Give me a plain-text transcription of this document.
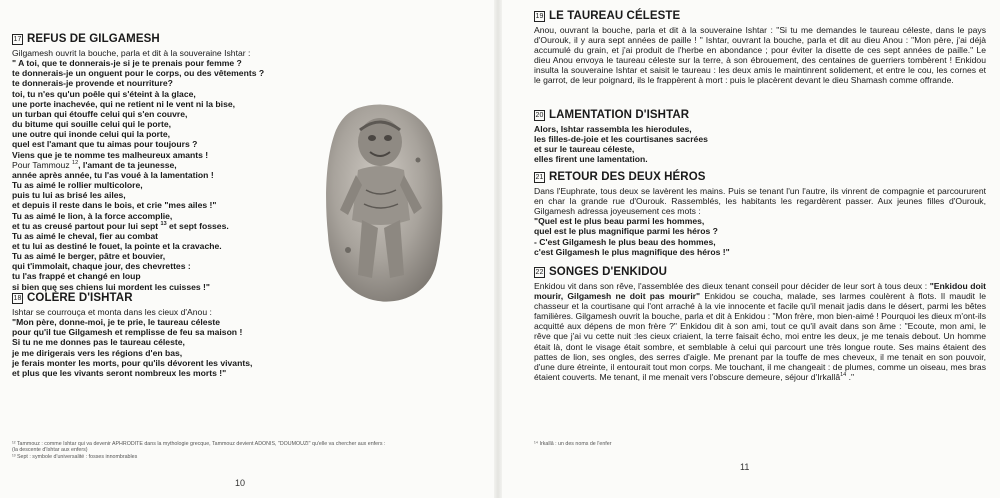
17 REFUS DE GILGAMESH
Gilgamesh ouvrit la bouche, parla et dit à la souveraine Ishtar :
" A toi, que te donnerais-je si je te prenais pour femme ?
te donnerais-je un onguent pour le corps, ou des vêtements ?
te donnerais-je provende et nourriture?
toi, tu n'es qu'un poêle qui s'éteint à la glace,
une porte inachevée, qui ne retient ni le vent ni la bise,
un turban qui étouffe celui qui s'en couvre,
du bitume qui souille celui qui le porte,
une outre qui inonde celui qui la porte,
quel est l'amant que tu aimas pour toujours ?
Viens que je te nomme tes malheureux amants !
Pour Tammouz $^{12}$, l'amant de ta jeunesse,
année après année, tu l'as voué à la lamentation !
Tu as aimé le rollier multicolore,
puis tu lui as brisé les ailes,
et depuis il reste dans le bois, et crie "mes ailes !"
Tu as aimé le lion, à la force accomplie,
et tu as creusé partout pour lui sept $^{13}$ et sept fosses.
Tu as aimé le cheval, fier au combat
et tu lui as destiné le fouet, la pointe et la cravache.
Tu as aimé le berger, pâtre et bouvier,
qui t'immolait, chaque jour, des chevrettes :
tu l'as frappé et changé en loup
si bien que ses chiens lui mordent les cuisses !"
18 COLÈRE D'ISHTAR
Ishtar se courrouça et monta dans les cieux d'Anou :
"Mon père, donne-moi, je te prie, le taureau céleste
pour qu'il tue Gilgamesh et remplisse de feu sa maison !
Si tu ne me donnes pas le taureau céleste,
je me dirigerais vers les régions d'en bas,
je ferais monter les morts, pour qu'ils dévorent les vivants,
et plus que les vivants seront nombreux les morts !"
¹² Tammouz : comme Ishtar qui va devenir APHRODITE dans la mythologie grecque, Tammouz devient ADONIS, "DOUMOUZI" qu'elle va chercher aux enfers :
(la descente d'Ishtar aux enfers)
¹³ Sept : symbole d'universalité : fosses innombrables
10
19 LE TAUREAU CÉLESTE
Anou, ouvrant la bouche, parla et dit à la souveraine Ishtar : "Si tu me demandes le taureau céleste, dans le pays d'Ourouk, il y aura sept années de paille ! " Ishtar, ouvrant la bouche, parla et dit au dieu Anou : "Mon père, j'ai déjà accumulé du grain, et j'ai produit de l'herbe en abondance ; pour éviter la disette de ces sept années de paille." Le dieu Anou envoya le taureau céleste sur la terre, à son ébrouement, des centaines de guerriers tombèrent ! Enkidou insulta la souveraine Ishtar et saisit le taureau : les deux amis le maintinrent solidement, et entre le cou, les cornes et le garrot, de leur poignard, ils le frappèrent à mort : puis le placèrent devant le dieu Shamash comme offrande.
20 LAMENTATION D'ISHTAR
Alors, Ishtar rassembla les hierodules,
les filles-de-joie et les courtisanes sacrées
et sur le taureau céleste,
elles firent une lamentation.
21 RETOUR DES DEUX HÉROS
Dans l'Euphrate, tous deux se lavèrent les mains. Puis se tenant l'un l'autre, ils vinrent de compagnie et parcoururent en char la grande rue d'Ourouk. Rassemblés, les habitants les regardèrent passer. Aux jeunes filles d'Ourouk, Gilgamesh adressa joyeusement ces mots :
"Quel est le plus beau parmi les hommes,
quel est le plus magnifique parmi les héros ?
- C'est Gilgamesh le plus beau des hommes,
c'est Gilgamesh le plus magnifique des héros !"
22 SONGES D'ENKIDOU
Enkidou vit dans son rêve, l'assemblée des dieux tenant conseil pour décider de leur sort à tous deux : "Enkidou doit mourir, Gilgamesh ne doit pas mourir" Enkidou se coucha, malade, ses larmes coulèrent à flots. Il maudit le chasseur et la courtisane qui l'ont arraché à la vie innocente et facile qu'il menait jadis dans le désert, parmi les bêtes familières. Gilgamesh ouvrit la bouche, parla et dit à Enkidou : "Mon frère, mon bien-aimé ! Pourquoi les dieux m'ont-ils acquitté aux dépens de mon frère ?" Enkidou dit à son ami, tout ce qu'il avait dans son âme : "Ecoute, mon ami, le rêve que j'ai vu cette nuit :les cieux criaient, la terre faisait écho, moi entre les deux, je me tenais debout. Un homme était là, dont le visage était sombre, et semblable à celui qui parcourt une très longue route. Ses mains étaient des pattes de lion, ses ongles, des serres d'aigle. Me prenant par la touffe de mes cheveux, il me tenait en son pouvoir, d'une dure étreinte, il entourait tout mon corps. Me touchant, il me changeait : de plumes, comme un oiseau, mes bras étaient couverts. Me tenant, il me menait vers l'obscure demeure, séjour d'Irkallâ$^{14}$ ."
¹⁴ Irkallâ : un des noms de l'enfer
11
